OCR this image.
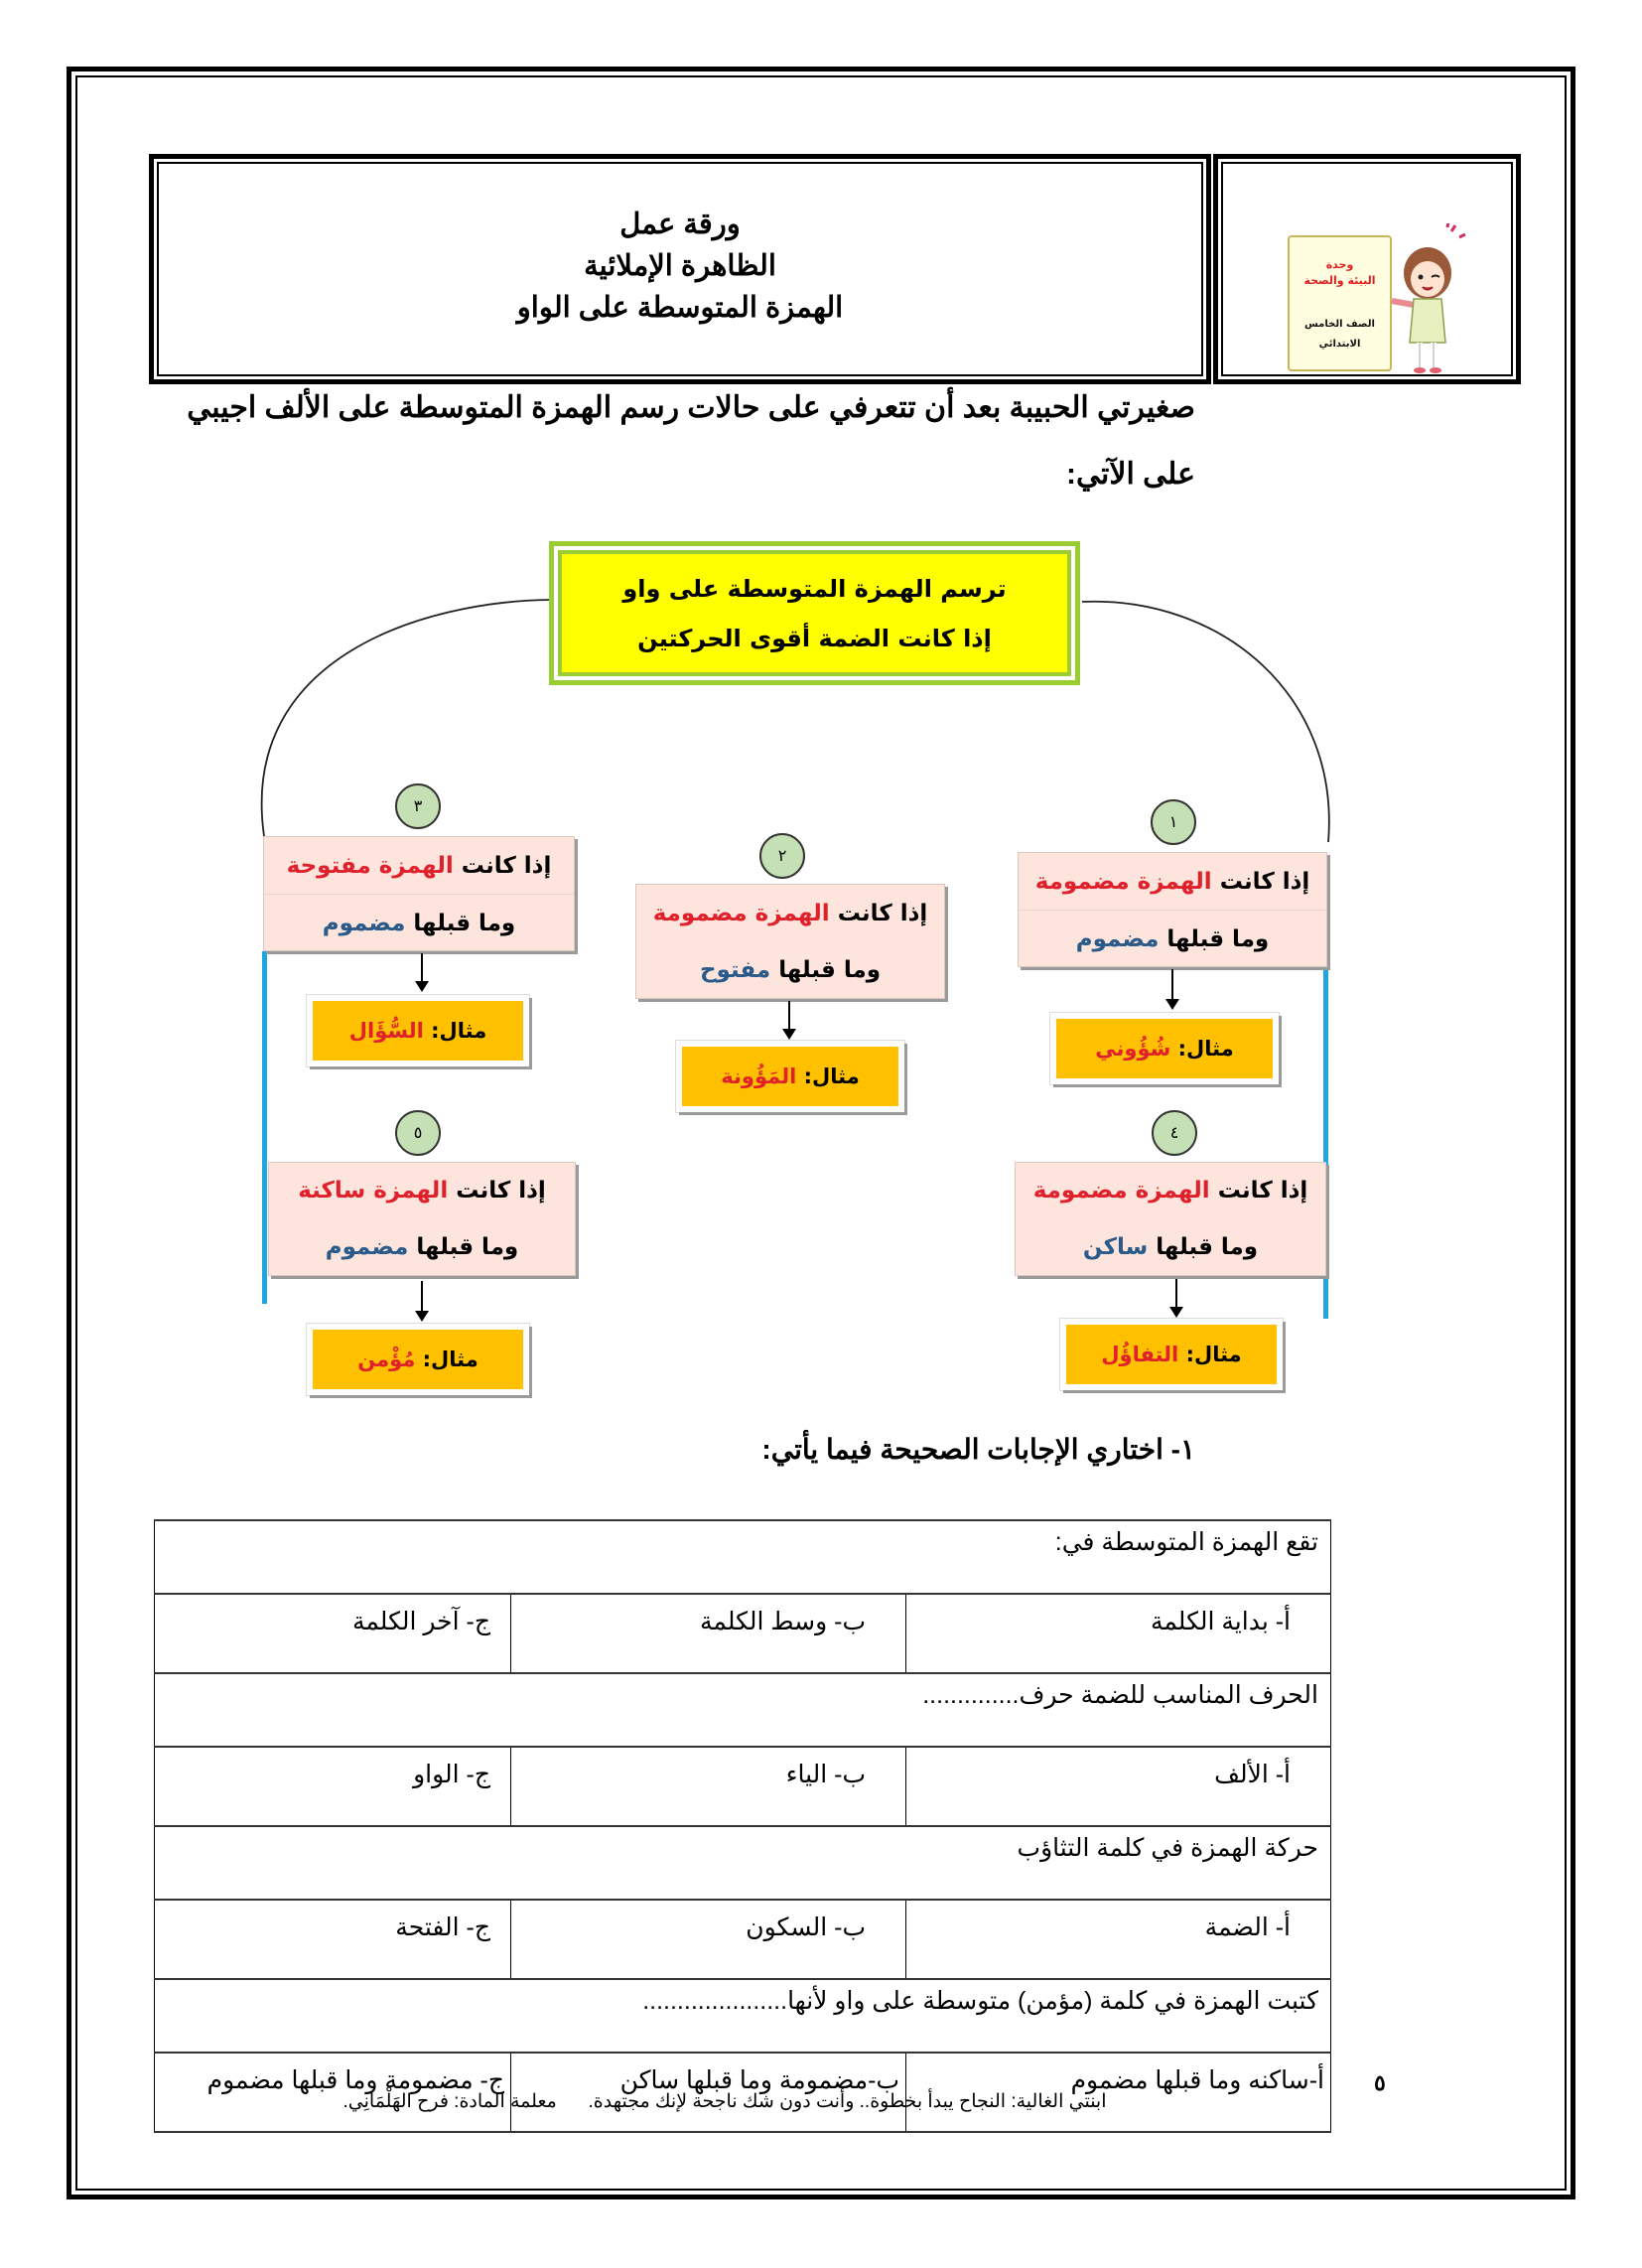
ورقة عمل
الظاهرة الإملائية
الهمزة المتوسطة على الواو
وحدة
البيئة والصحة
الصف الخامس
الابتدائي
صغيرتي الحبيبة بعد أن تتعرفي على حالات رسم الهمزة المتوسطة على الألف اجيبي
على الآتي:
ترسم الهمزة المتوسطة على واو
إذا كانت الضمة أقوى الحركتين
١
إذا كانت

الهمزة مضمومة
وما قبلها

مضموم
مثال:

شُؤُوني
٢
إذا كانت

الهمزة مضمومة
وما قبلها

مفتوح
مثال:

المَؤُونة
٣
إذا كانت

الهمزة مفتوحة
وما قبلها

مضموم
مثال:

السُّؤَال
٤
إذا كانت

الهمزة مضمومة
وما قبلها

ساكن
مثال:

التفاؤُل
٥
إذا كانت

الهمزة ساكنة
وما قبلها

مضموم
مثال:

مُؤْمن
١- اختاري الإجابات الصحيحة فيما يأتي:
تقع الهمزة المتوسطة في:		
أ- بداية الكلمة	ب- وسط الكلمة	ج- آخر الكلمة
الحرف المناسب للضمة حرف..............		
أ- الألف	ب- الياء	ج- الواو
حركة الهمزة في كلمة التثاؤب		
أ- الضمة	ب- السكون	ج- الفتحة
كتبت الهمزة في كلمة (مؤمن) متوسطة على واو لأنها.....................		
أ-ساكنه وما قبلها مضموم	ب-مضمومة وما قبلها ساكن	ج- مضمومة وما قبلها مضموم	٥
ابنتي الغالية: النجاح يبدأ بخطوة.. وأنت دون شك ناجحة لإنك مجتهدة.      معلمة المادة: فرح الهَلْمَانِي.
